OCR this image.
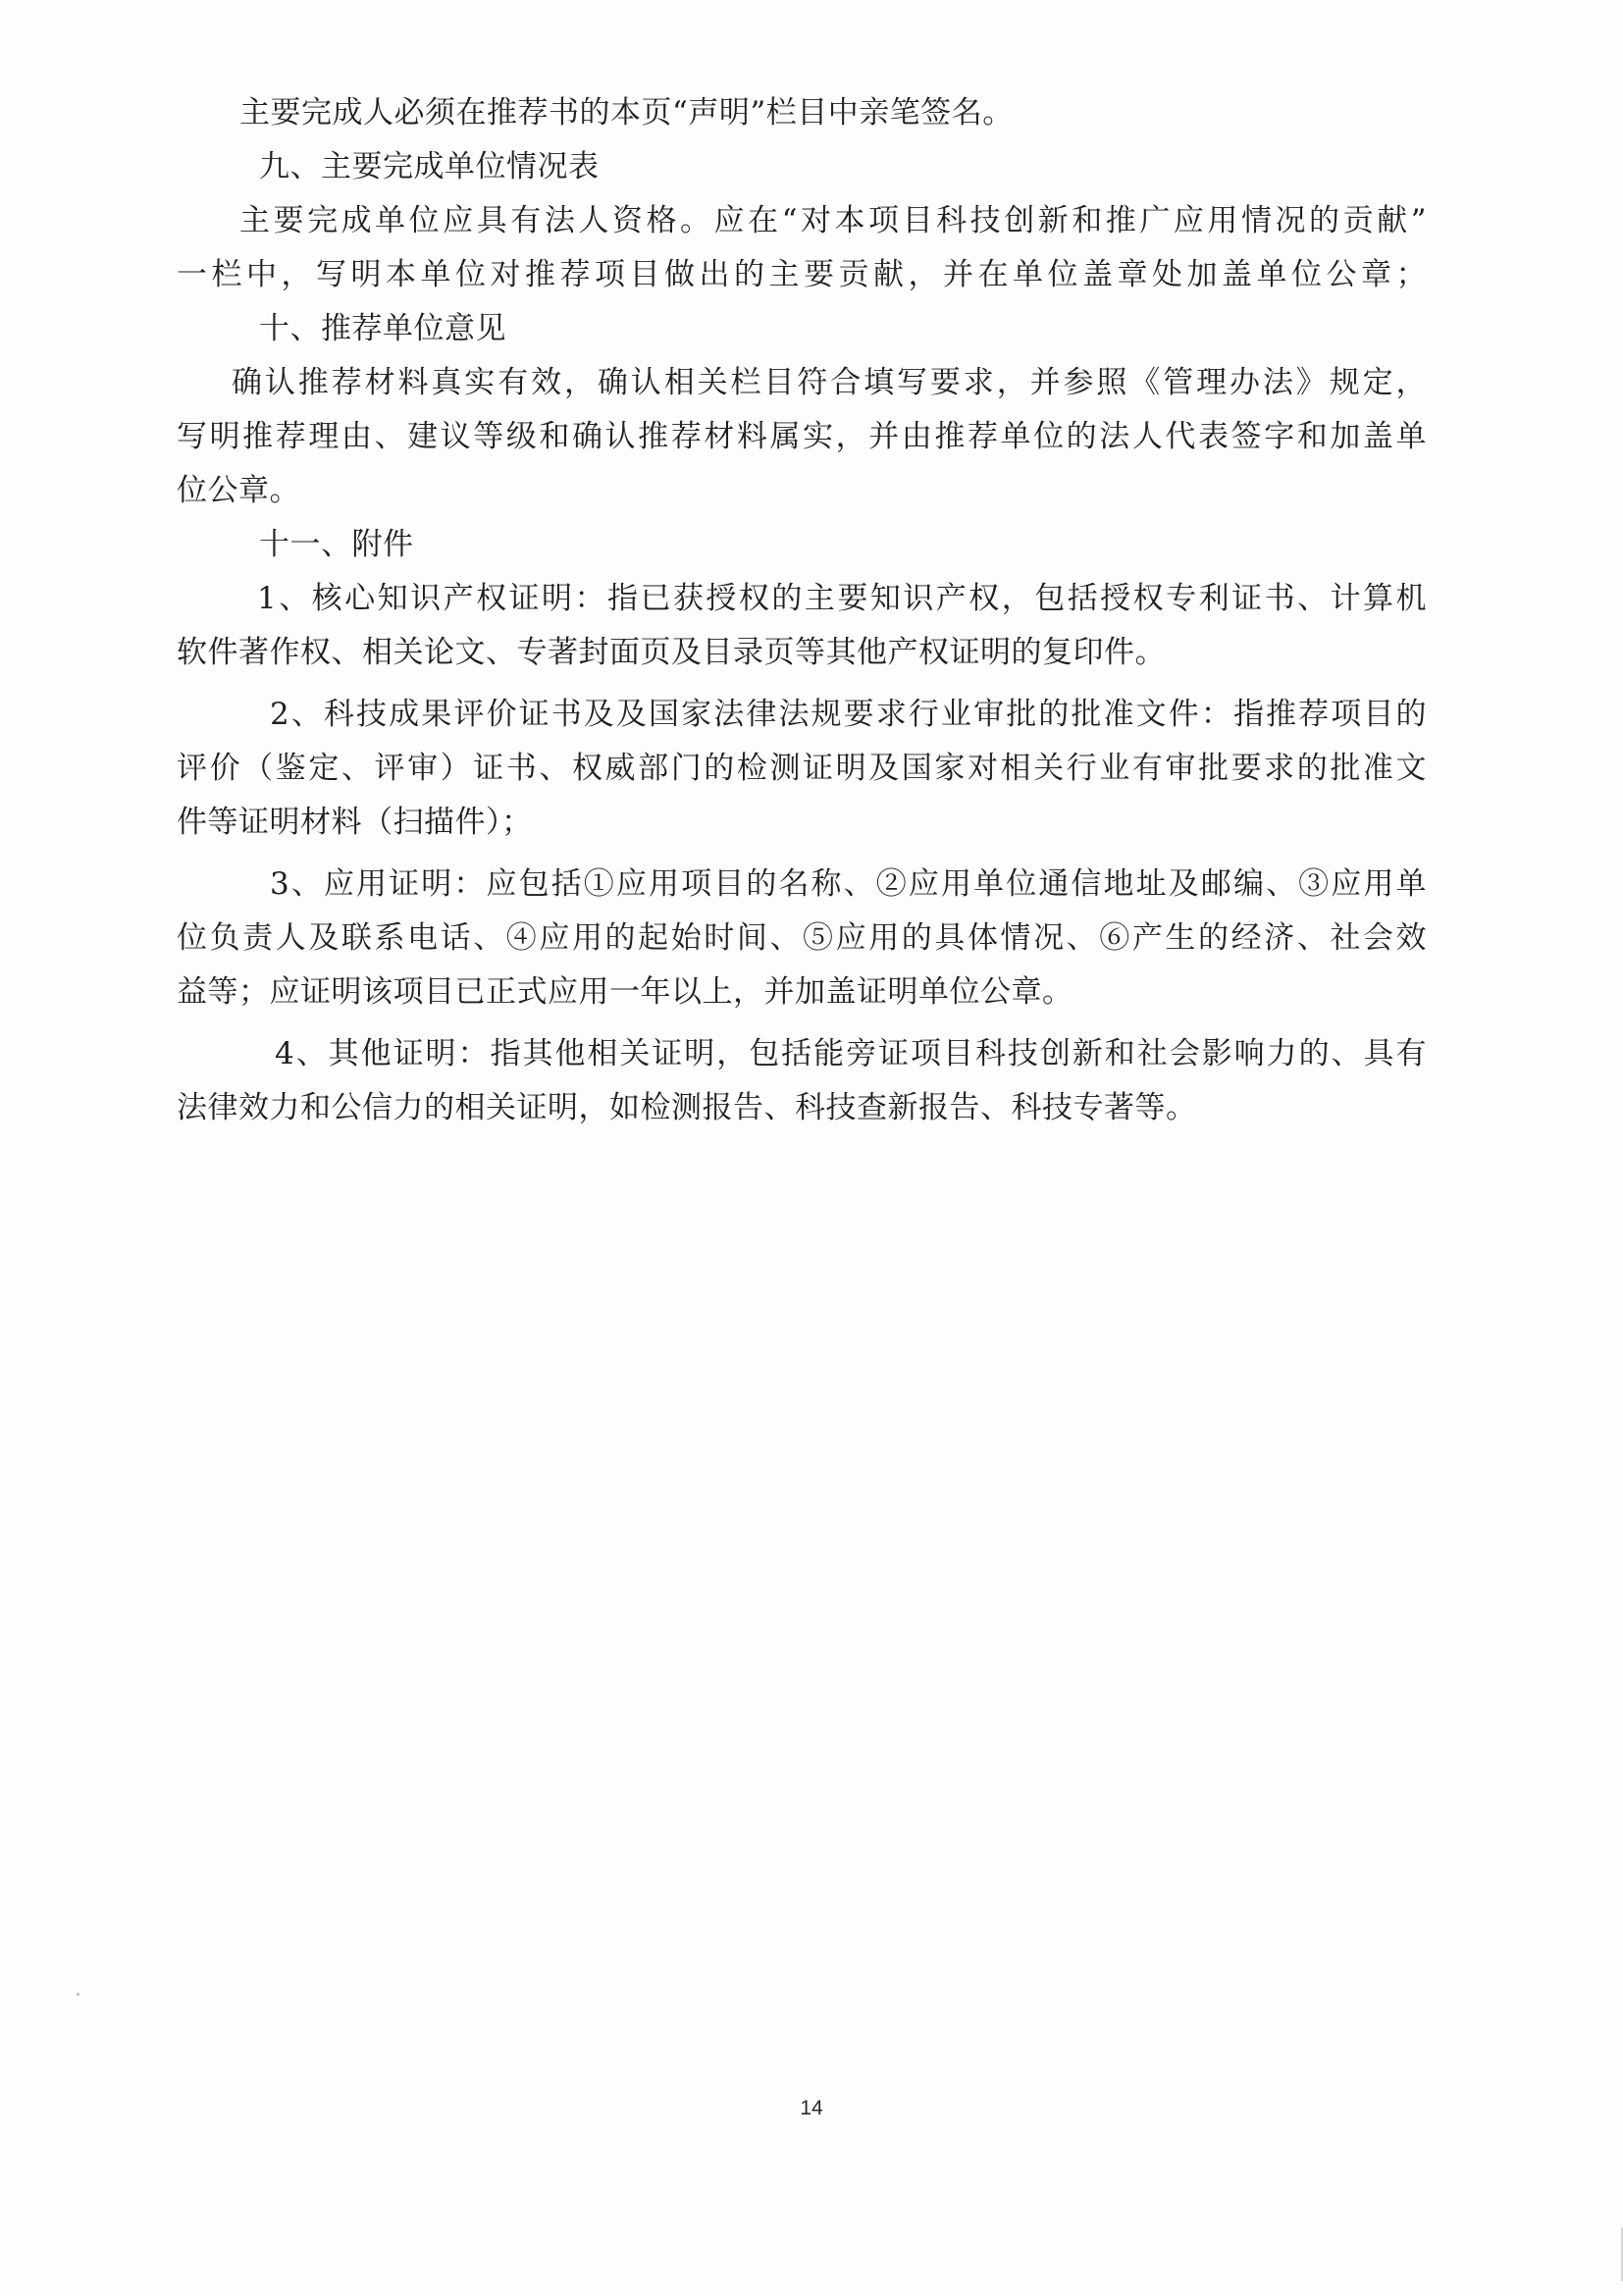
主要完成人必须在推荐书的本页“声明”栏目中亲笔签名。
九、主要完成单位情况表
主要完成单位应具有法人资格。应在“对本项目科技创新和推广应用情况的贡献”
一栏中，写明本单位对推荐项目做出的主要贡献，并在单位盖章处加盖单位公章；
十、推荐单位意见
确认推荐材料真实有效，确认相关栏目符合填写要求，并参照《管理办法》规定，
写明推荐理由、建议等级和确认推荐材料属实，并由推荐单位的法人代表签字和加盖单
位公章。
十一、附件
1、核心知识产权证明：指已获授权的主要知识产权，包括授权专利证书、计算机
软件著作权、相关论文、专著封面页及目录页等其他产权证明的复印件。
2、科技成果评价证书及及国家法律法规要求行业审批的批准文件：指推荐项目的
评价（鉴定、评审）证书、权威部门的检测证明及国家对相关行业有审批要求的批准文
件等证明材料（扫描件）；
3、应用证明：应包括①应用项目的名称、②应用单位通信地址及邮编、③应用单
位负责人及联系电话、④应用的起始时间、⑤应用的具体情况、⑥产生的经济、社会效
益等；应证明该项目已正式应用一年以上，并加盖证明单位公章。
4、其他证明：指其他相关证明，包括能旁证项目科技创新和社会影响力的、具有
法律效力和公信力的相关证明，如检测报告、科技查新报告、科技专著等。
14
